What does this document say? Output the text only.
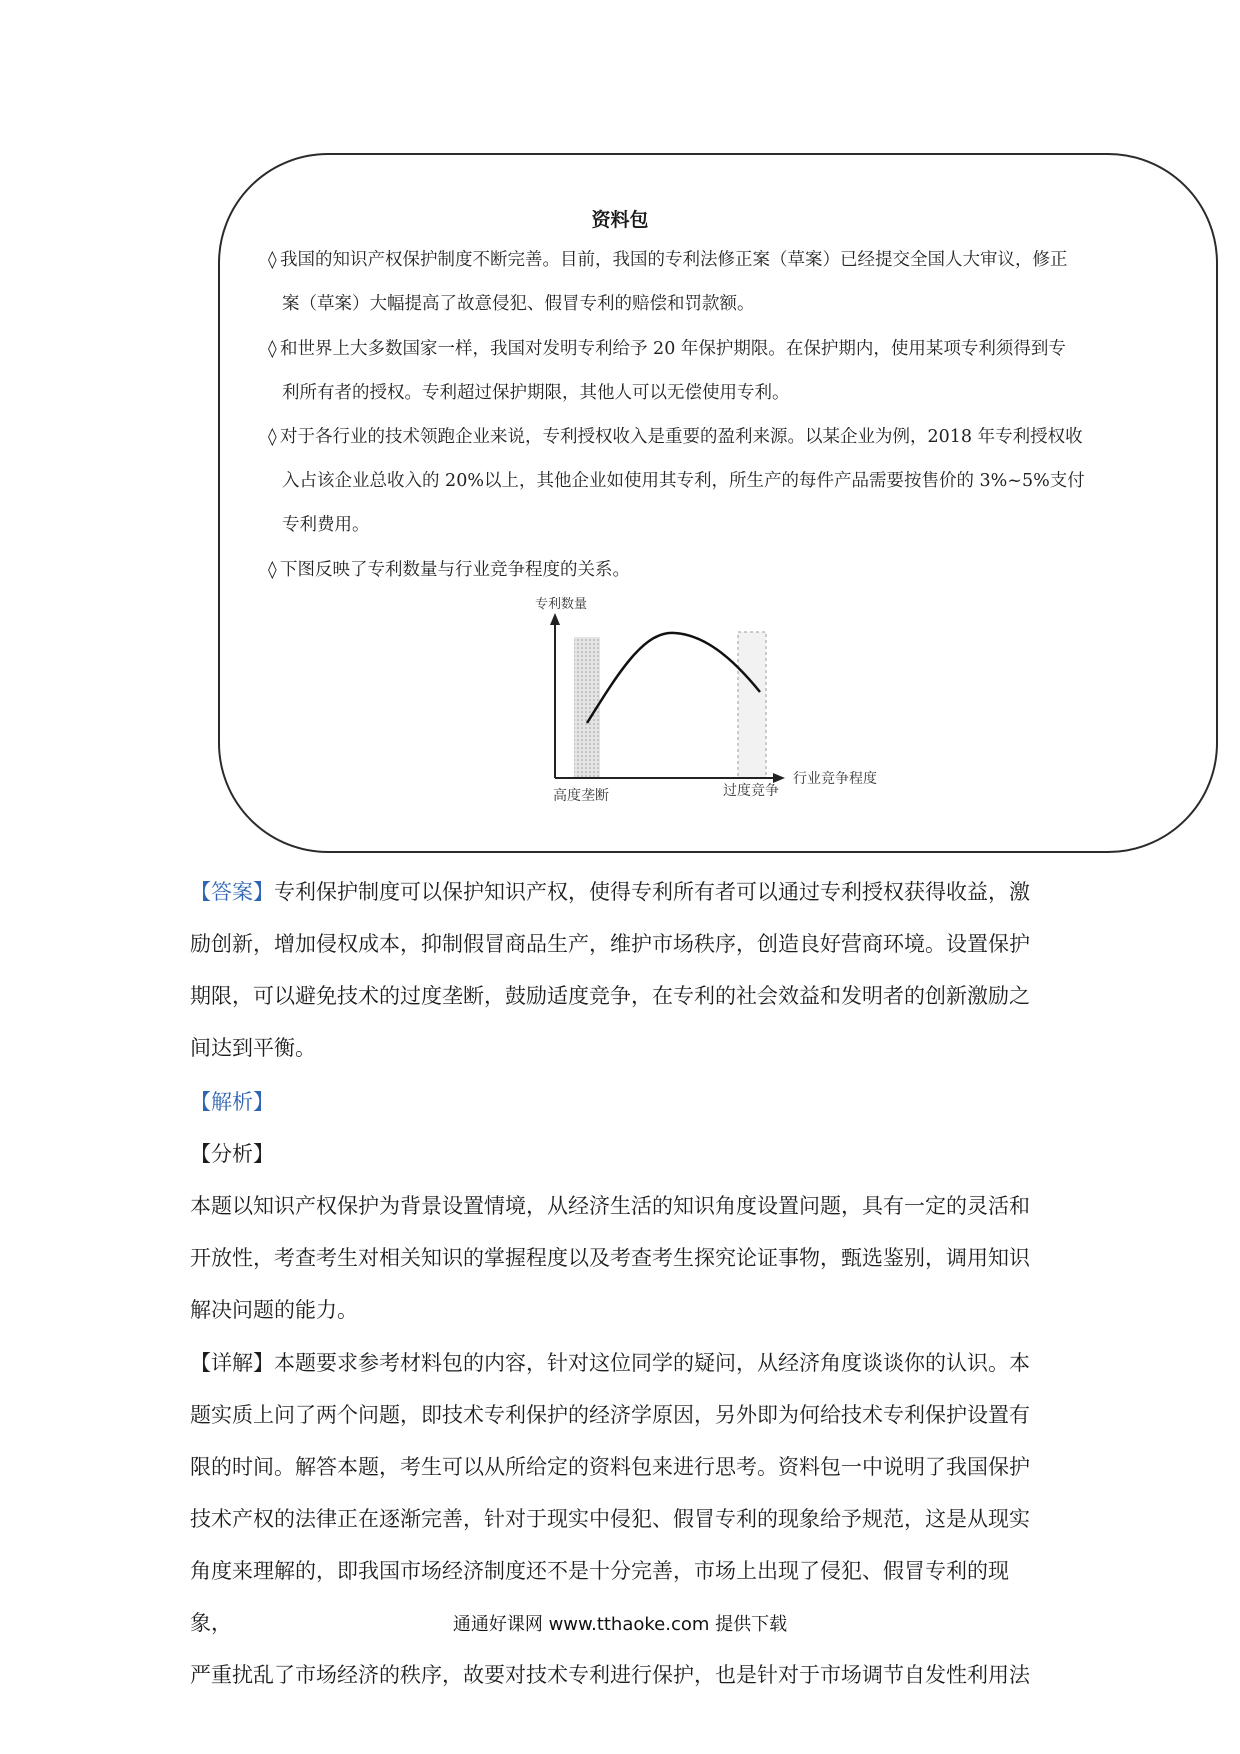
资料包
◊ 我国的知识产权保护制度不断完善。目前，我国的专利法修正案（草案）已经提交全国人大审议，修正
案（草案）大幅提高了故意侵犯、假冒专利的赔偿和罚款额。
◊ 和世界上大多数国家一样，我国对发明专利给予 20 年保护期限。在保护期内，使用某项专利须得到专
利所有者的授权。专利超过保护期限，其他人可以无偿使用专利。
◊ 对于各行业的技术领跑企业来说，专利授权收入是重要的盈利来源。以某企业为例，2018 年专利授权收
入占该企业总收入的 20%以上，其他企业如使用其专利，所生产的每件产品需要按售价的 3%~5%支付
专利费用。
◊ 下图反映了专利数量与行业竞争程度的关系。
专利数量
行业竞争程度
高度垄断	过度竞争
【答案】专利保护制度可以保护知识产权，使得专利所有者可以通过专利授权获得收益，激
励创新，增加侵权成本，抑制假冒商品生产，维护市场秩序，创造良好营商环境。设置保护
期限，可以避免技术的过度垄断，鼓励适度竞争，在专利的社会效益和发明者的创新激励之
间达到平衡。
【解析】
【分析】
本题以知识产权保护为背景设置情境，从经济生活的知识角度设置问题，具有一定的灵活和
开放性，考查考生对相关知识的掌握程度以及考查考生探究论证事物，甄选鉴别，调用知识
解决问题的能力。
【详解】本题要求参考材料包的内容，针对这位同学的疑问，从经济角度谈谈你的认识。本
题实质上问了两个问题，即技术专利保护的经济学原因，另外即为何给技术专利保护设置有
限的时间。解答本题，考生可以从所给定的资料包来进行思考。资料包一中说明了我国保护
技术产权的法律正在逐渐完善，针对于现实中侵犯、假冒专利的现象给予规范，这是从现实
角度来理解的，即我国市场经济制度还不是十分完善，市场上出现了侵犯、假冒专利的现象，
严重扰乱了市场经济的秩序，故要对技术专利进行保护，也是针对于市场调节自发性利用法
通通好课网 www.tthaoke.com 提供下载
